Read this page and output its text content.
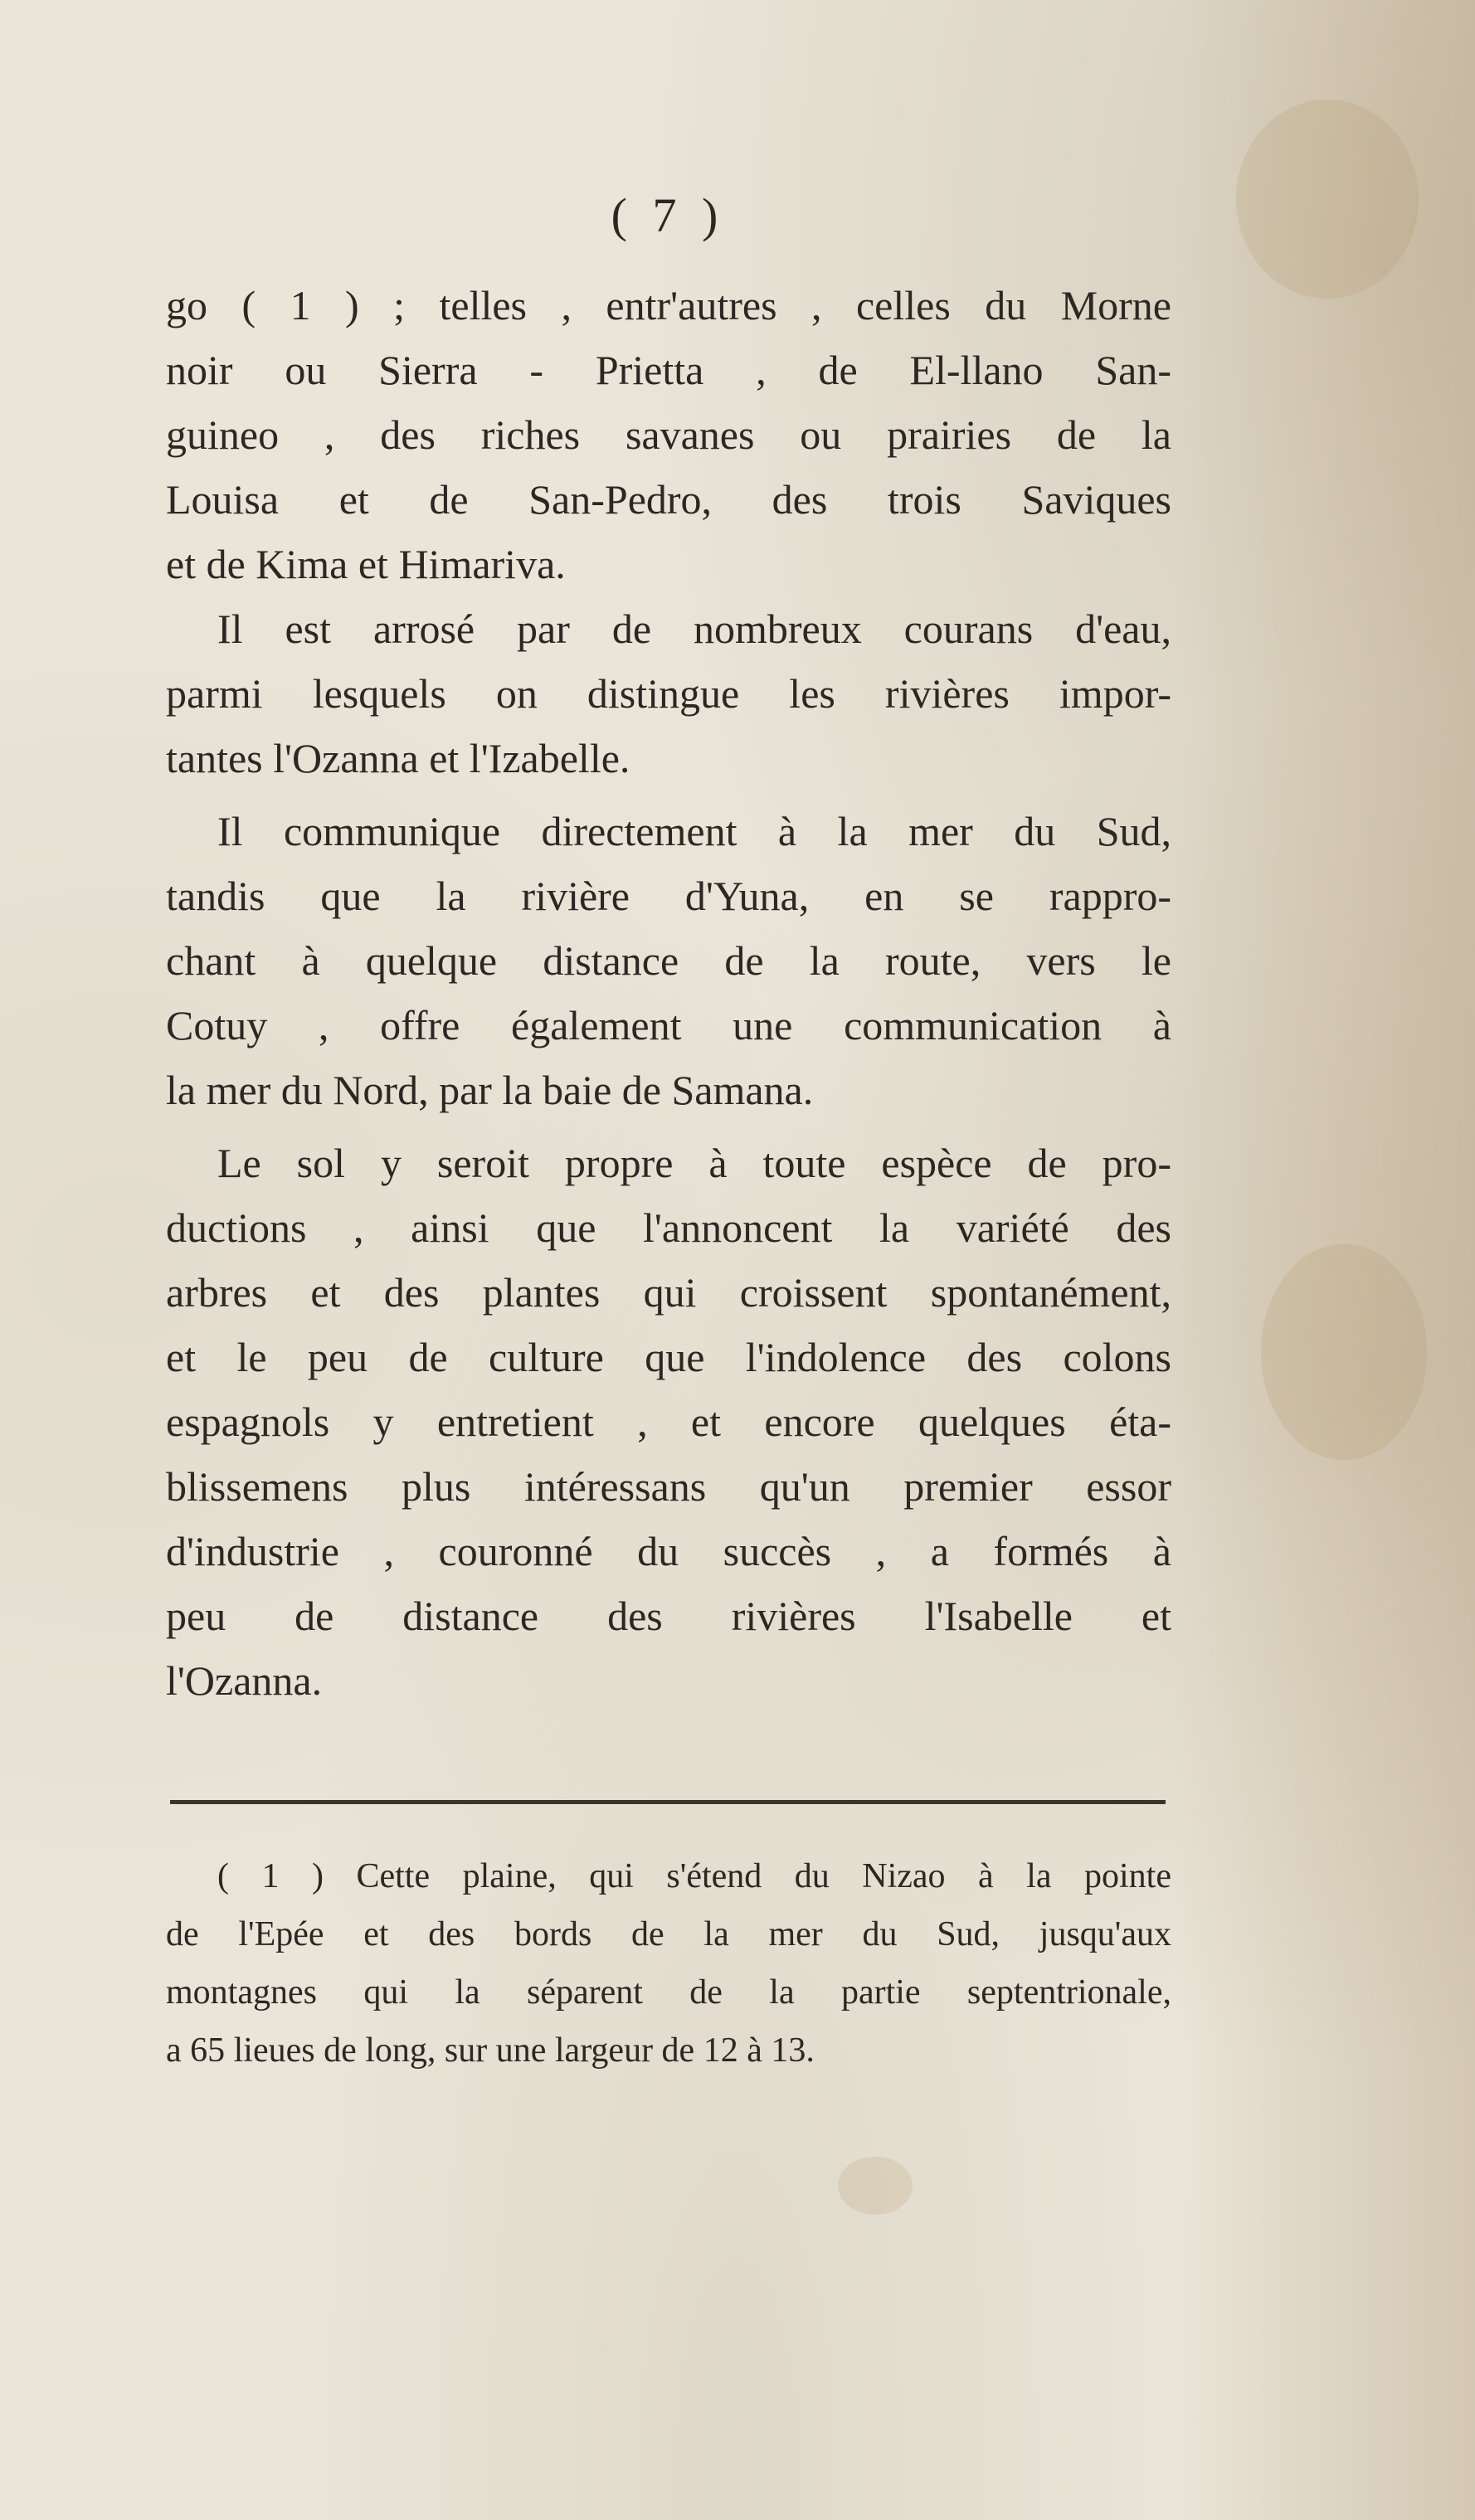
( 7 )
go ( 1 ) ; telles , entr'autres , celles du Morne
noir ou Sierra - Prietta , de El-llano San-
guineo , des riches savanes ou prairies de la
Louisa et de San-Pedro, des trois Saviques
et de Kima et Himariva.
Il est arrosé par de nombreux courans d'eau,
parmi lesquels on distingue les rivières impor-
tantes l'Ozanna et l'Izabelle.
Il communique directement à la mer du Sud,
tandis que la rivière d'Yuna, en se rappro-
chant à quelque distance de la route, vers le
Cotuy , offre également une communication à
la mer du Nord, par la baie de Samana.
Le sol y seroit propre à toute espèce de pro-
ductions , ainsi que l'annoncent la variété des
arbres et des plantes qui croissent spontanément,
et le peu de culture que l'indolence des colons
espagnols y entretient , et encore quelques éta-
blissemens plus intéressans qu'un premier essor
d'industrie , couronné du succès , a formés à
peu de distance des rivières l'Isabelle et
l'Ozanna.
( 1 ) Cette plaine, qui s'étend du Nizao à la pointe
de l'Epée et des bords de la mer du Sud, jusqu'aux
montagnes qui la séparent de la partie septentrionale,
a 65 lieues de long, sur une largeur de 12 à 13.
